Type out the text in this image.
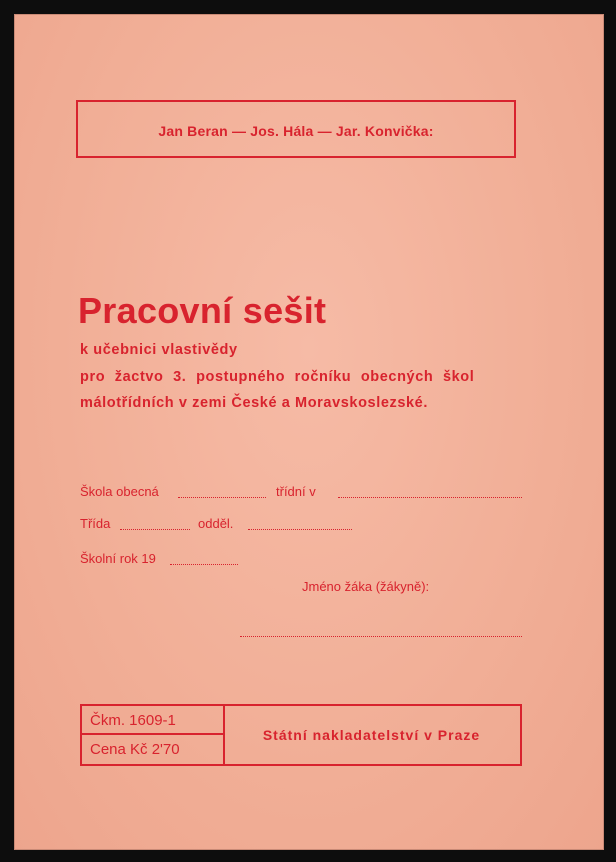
Jan Beran — Jos. Hála — Jar. Konvička:
Pracovní sešit
k učebnici vlastivědy
pro žactvo 3. postupného ročníku obecných škol
málotřídních v zemi České a Moravskoslezské.
Škola obecná	třídní v
Třída	odděl.
Školní rok 19
Jméno žáka (žákyně):
Čkm. 1609-1
Cena Kč 2'70
Státní nakladatelství v Praze
